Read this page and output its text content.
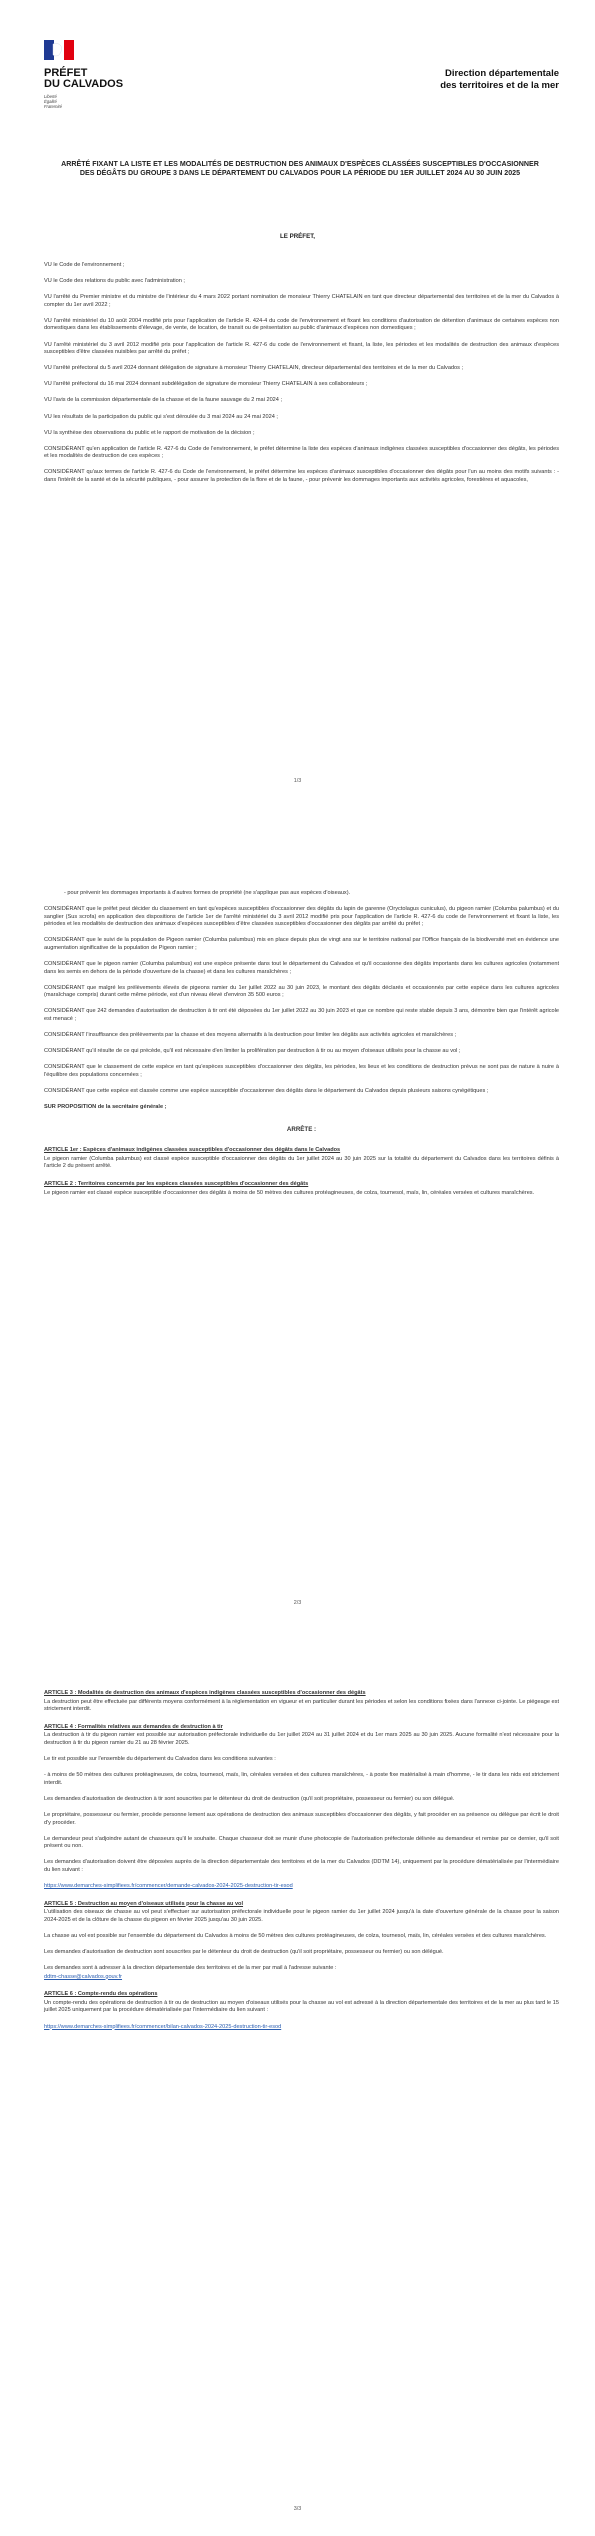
PRÉFET
DU CALVADOS
Liberté
Égalité
Fraternité
Direction départementale
des territoires et de la mer
ARRÊTÉ FIXANT LA LISTE ET LES MODALITÉS DE DESTRUCTION DES ANIMAUX D'ESPÈCES CLASSÉES SUSCEPTIBLES D'OCCASIONNER DES DÉGÂTS DU GROUPE 3 DANS LE DÉPARTEMENT DU CALVADOS POUR LA PÉRIODE DU 1ER JUILLET 2024 AU 30 JUIN 2025
LE PRÉFET,

VU le Code de l'environnement ;

VU le Code des relations du public avec l'administration ;

VU l'arrêté du Premier ministre et du ministre de l'intérieur du 4 mars 2022 portant nomination de monsieur Thierry CHATELAIN en tant que directeur départemental des territoires et de la mer du Calvados à compter du 1er avril 2022 ;

VU l'arrêté ministériel du 10 août 2004 modifié pris pour l'application de l'article R. 424-4 du code de l'environnement et fixant les conditions d'autorisation de détention d'animaux de certaines espèces non domestiques dans les établissements d'élevage, de vente, de location, de transit ou de présentation au public d'animaux d'espèces non domestiques ;

VU l'arrêté ministériel du 3 avril 2012 modifié pris pour l'application de l'article R. 427-6 du code de l'environnement et fixant, la liste, les périodes et les modalités de destruction des animaux d'espèces susceptibles d'être classées nuisibles par arrêté du préfet ;

VU l'arrêté préfectoral du 5 avril 2024 donnant délégation de signature à monsieur Thierry CHATELAIN, directeur départemental des territoires et de la mer du Calvados ;

VU l'arrêté préfectoral du 16 mai 2024 donnant subdélégation de signature de monsieur Thierry CHATELAIN à ses collaborateurs ;

VU l'avis de la commission départementale de la chasse et de la faune sauvage du 2 mai 2024 ;

VU les résultats de la participation du public qui s'est déroulée du 3 mai 2024 au 24 mai 2024 ;

VU la synthèse des observations du public et le rapport de motivation de la décision ;

CONSIDÉRANT qu'en application de l'article R. 427-6 du Code de l'environnement, le préfet détermine la liste des espèces d'animaux indigènes classées susceptibles d'occasionner des dégâts, les périodes et les modalités de destruction de ces espèces ;

CONSIDÉRANT qu'aux termes de l'article R. 427-6 du Code de l'environnement, le préfet détermine les espèces d'animaux susceptibles d'occasionner des dégâts pour l'un au moins des motifs suivants : - dans l'intérêt de la santé et de la sécurité publiques, - pour assurer la protection de la flore et de la faune, - pour prévenir les dommages importants aux activités agricoles, forestières et aquacoles,

1/3

- pour prévenir les dommages importants à d'autres formes de propriété (ne s'applique pas aux espèces d'oiseaux).

CONSIDÉRANT que le préfet peut décider du classement en tant qu'espèces susceptibles d'occasionner des dégâts du lapin de garenne (Oryctolagus cuniculus), du pigeon ramier (Columba palumbus) et du sanglier (Sus scrofa) en application des dispositions de l'article 1er de l'arrêté ministériel du 3 avril 2012 modifié pris pour l'application de l'article R. 427-6 du code de l'environnement et fixant la liste, les périodes et les modalités de destruction des animaux d'espèces susceptibles d'être classées susceptibles d'occasionner des dégâts par arrêté du préfet ;

CONSIDÉRANT que le suivi de la population de Pigeon ramier (Columba palumbus) mis en place depuis plus de vingt ans sur le territoire national par l'Office français de la biodiversité met en évidence une augmentation significative de la population de Pigeon ramier ;

CONSIDÉRANT que le pigeon ramier (Columba palumbus) est une espèce présente dans tout le département du Calvados et qu'il occasionne des dégâts importants dans les cultures agricoles (notamment dans les semis en dehors de la période d'ouverture de la chasse) et dans les cultures maraîchères ;

CONSIDÉRANT que malgré les prélèvements élevés de pigeons ramier du 1er juillet 2022 au 30 juin 2023, le montant des dégâts déclarés et occasionnés par cette espèce dans les cultures agricoles (maraîchage compris) durant cette même période, est d'un niveau élevé d'environ 35 500 euros ;

CONSIDÉRANT que 242 demandes d'autorisation de destruction à tir ont été déposées du 1er juillet 2022 au 30 juin 2023 et que ce nombre qui reste stable depuis 3 ans, démontre bien que l'intérêt agricole est menacé ;

CONSIDÉRANT l'insuffisance des prélèvements par la chasse et des moyens alternatifs à la destruction pour limiter les dégâts aux activités agricoles et maraîchères ;

CONSIDÉRANT qu'il résulte de ce qui précède, qu'il est nécessaire d'en limiter la prolifération par destruction à tir ou au moyen d'oiseaux utilisés pour la chasse au vol ;

CONSIDÉRANT que le classement de cette espèce en tant qu'espèces susceptibles d'occasionner des dégâts, les périodes, les lieux et les conditions de destruction prévus ne sont pas de nature à nuire à l'équilibre des populations concernées ;

CONSIDÉRANT que cette espèce est classée comme une espèce susceptible d'occasionner des dégâts dans le département du Calvados depuis plusieurs saisons cynégétiques ;

SUR PROPOSITION de la secrétaire générale ;

ARRÊTE :

ARTICLE 1er : Espèces d'animaux indigènes classées susceptibles d'occasionner des dégâts dans le Calvados

Le pigeon ramier (Columba palumbus) est classé espèce susceptible d'occasionner des dégâts du 1er juillet 2024 au 30 juin 2025 sur la totalité du département du Calvados dans les territoires définis à l'article 2 du présent arrêté.

ARTICLE 2 : Territoires concernés par les espèces classées susceptibles d'occasionner des dégâts

Le pigeon ramier est classé espèce susceptible d'occasionner des dégâts à moins de 50 mètres des cultures protéagineuses, de colza, tournesol, maïs, lin, céréales versées et cultures maraîchères.

2/3

ARTICLE 3 : Modalités de destruction des animaux d'espèces indigènes classées susceptibles d'occasionner des dégâts

La destruction peut être effectuée par différents moyens conformément à la réglementation en vigueur et en particulier durant les périodes et selon les conditions fixées dans l'annexe ci-jointe. Le piégeage est strictement interdit.

ARTICLE 4 : Formalités relatives aux demandes de destruction à tir

La destruction à tir du pigeon ramier est possible sur autorisation préfectorale individuelle du 1er juillet 2024 au 31 juillet 2024 et du 1er mars 2025 au 30 juin 2025. Aucune formalité n'est nécessaire pour la destruction à tir du pigeon ramier du 21 au 28 février 2025.

Le tir est possible sur l'ensemble du département du Calvados dans les conditions suivantes :

- à moins de 50 mètres des cultures protéagineuses, de colza, tournesol, maïs, lin, céréales versées et des cultures maraîchères, - à poste fixe matérialisé à main d'homme, - le tir dans les nids est strictement interdit.

Les demandes d'autorisation de destruction à tir sont souscrites par le détenteur du droit de destruction (qu'il soit propriétaire, possesseur ou fermier) ou son délégué.

Le propriétaire, possesseur ou fermier, procède personne lement aux opérations de destruction des animaux susceptibles d'occasionner des dégâts, y fait procéder en sa présence ou délègue par écrit le droit d'y procéder.

Le demandeur peut s'adjoindre autant de chasseurs qu'il le souhaite. Chaque chasseur doit se munir d'une photocopie de l'autorisation préfectorale délivrée au demandeur et remise par ce dernier, qu'il soit présent ou non.

Les demandes d'autorisation doivent être déposées auprès de la direction départementale des territoires et de la mer du Calvados (DDTM 14), uniquement par la procédure dématérialisée par l'intermédiaire du lien suivant :

https://www.demarches-simplifiees.fr/commencer/demande-calvados-2024-2025-destruction-tir-esod

ARTICLE 5 : Destruction au moyen d'oiseaux utilisés pour la chasse au vol

L'utilisation des oiseaux de chasse au vol peut s'effectuer sur autorisation préfectorale individuelle pour le pigeon ramier du 1er juillet 2024 jusqu'à la date d'ouverture générale de la chasse pour la saison 2024-2025 et de la clôture de la chasse du pigeon en février 2025 jusqu'au 30 juin 2025.

La chasse au vol est possible sur l'ensemble du département du Calvados à moins de 50 mètres des cultures protéagineuses, de colza, tournesol, maïs, lin, céréales versées et des cultures maraîchères.

Les demandes d'autorisation de destruction sont souscrites par le détenteur du droit de destruction (qu'il soit propriétaire, possesseur ou fermier) ou son délégué.

Les demandes sont à adresser à la direction départementale des territoires et de la mer par mail à l'adresse suivante :

ddtm-chasse@calvados.gouv.fr

ARTICLE 6 : Compte-rendu des opérations

Un compte-rendu des opérations de destruction à tir ou de destruction au moyen d'oiseaux utilisés pour la chasse au vol est adressé à la direction départementale des territoires et de la mer au plus tard le 15 juillet 2025 uniquement par la procédure dématérialisée par l'intermédiaire du lien suivant :

https://www.demarches-simplifiees.fr/commencer/bilan-calvados-2024-2025-destruction-tir-esod

3/3
